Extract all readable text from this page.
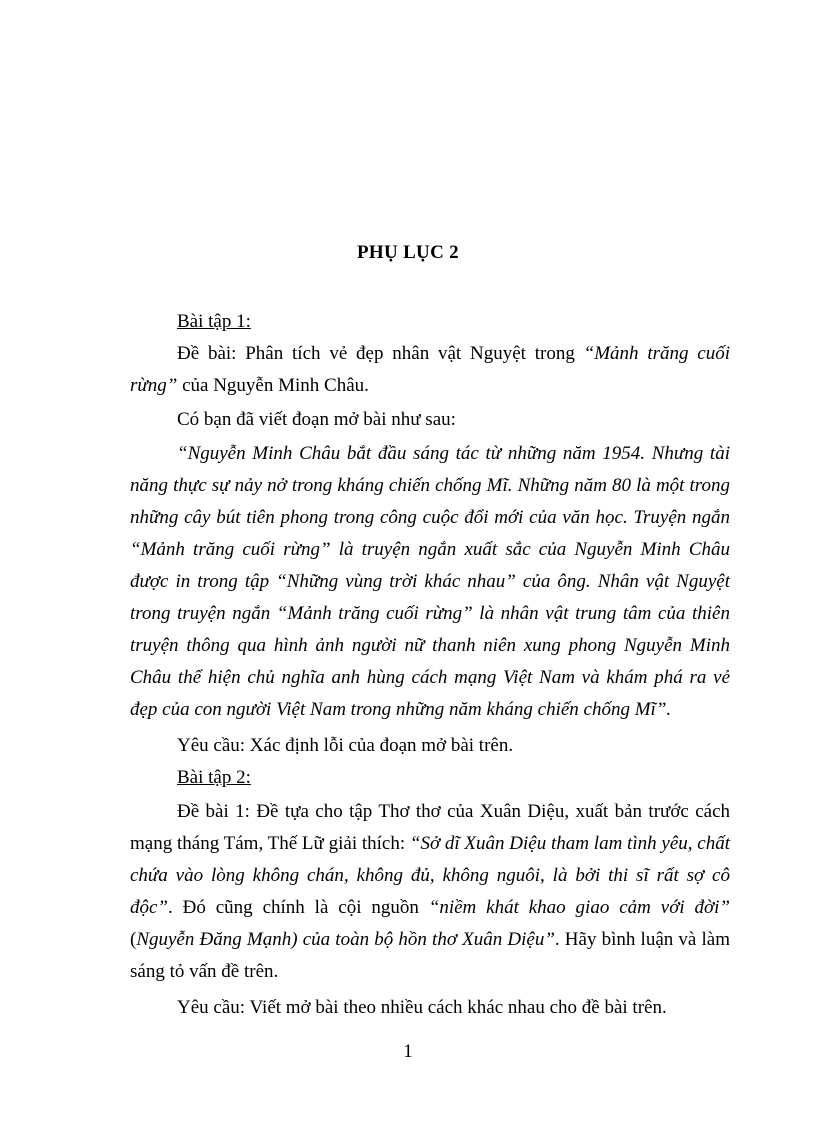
PHỤ LỤC 2

Bài tập 1:

Đề bài: Phân tích vẻ đẹp nhân vật Nguyệt trong “Mảnh trăng cuối rừng” của Nguyễn Minh Châu.

Có bạn đã viết đoạn mở bài như sau:

“Nguyễn Minh Châu bắt đầu sáng tác từ những năm 1954. Nhưng tài năng thực sự nảy nở trong kháng chiến chống Mĩ. Những năm 80 là một trong những cây bút tiên phong trong công cuộc đổi mới của văn học. Truyện ngắn “Mảnh trăng cuối rừng” là truyện ngắn xuất sắc của Nguyễn Minh Châu được in trong tập “Những vùng trời khác nhau” của ông. Nhân vật Nguyệt trong truyện ngắn “Mảnh trăng cuối rừng” là nhân vật trung tâm của thiên truyện thông qua hình ảnh người nữ thanh niên xung phong Nguyễn Minh Châu thể hiện chủ nghĩa anh hùng cách mạng Việt Nam và khám phá ra vẻ đẹp của con người Việt Nam trong những năm kháng chiến chống Mĩ”.

Yêu cầu: Xác định lỗi của đoạn mở bài trên.

Bài tập 2:

Đề bài 1: Đề tựa cho tập Thơ thơ của Xuân Diệu, xuất bản trước cách mạng tháng Tám, Thế Lữ giải thích: “Sở dĩ Xuân Diệu tham lam tình yêu, chất chứa vào lòng không chán, không đủ, không nguôi, là bởi thi sĩ rất sợ cô độc”. Đó cũng chính là cội nguồn “niềm khát khao giao cảm với đời” (Nguyễn Đăng Mạnh) của toàn bộ hồn thơ Xuân Diệu”. Hãy bình luận và làm sáng tỏ vấn đề trên.

Yêu cầu: Viết mở bài theo nhiều cách khác nhau cho đề bài trên.

1
